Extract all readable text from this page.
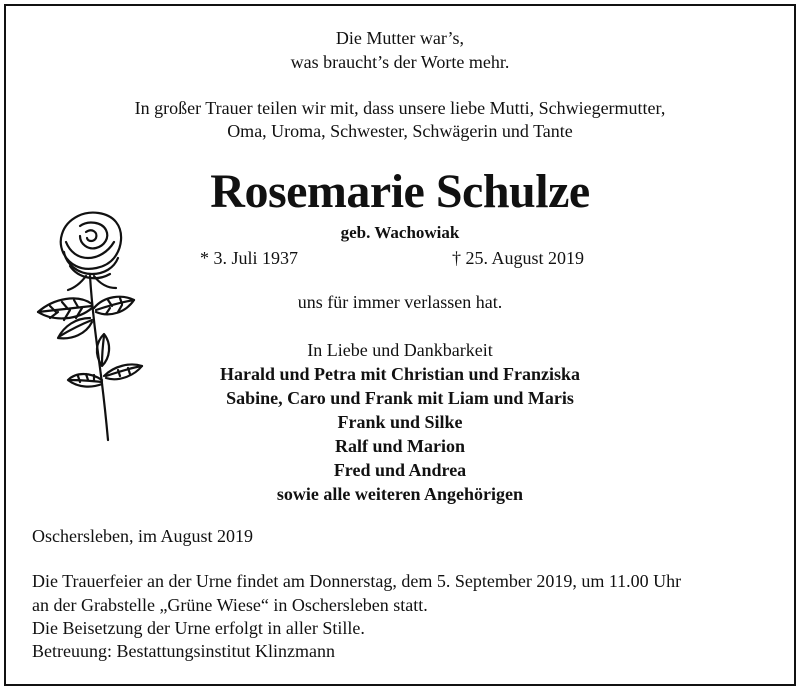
Die Mutter war’s,
was braucht’s der Worte mehr.
In großer Trauer teilen wir mit, dass unsere liebe Mutti, Schwiegermutter,
Oma, Uroma, Schwester, Schwägerin und Tante
Rosemarie Schulze
geb. Wachowiak
* 3. Juli 1937	† 25. August 2019
uns für immer verlassen hat.
In Liebe und Dankbarkeit
Harald und Petra mit Christian und Franziska
Sabine, Caro und Frank mit Liam und Maris
Frank und Silke
Ralf und Marion
Fred und Andrea
sowie alle weiteren Angehörigen
Oschersleben, im August 2019
Die Trauerfeier an der Urne findet am Donnerstag, dem 5. September 2019, um 11.00 Uhr
an der Grabstelle „Grüne Wiese“ in Oschersleben statt.
Die Beisetzung der Urne erfolgt in aller Stille.
Betreuung: Bestattungsinstitut Klinzmann
